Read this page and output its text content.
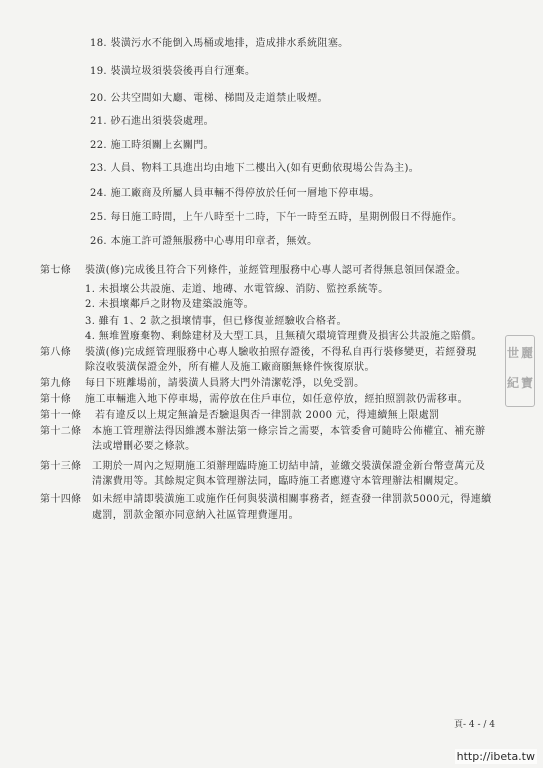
18. 裝潢污水不能倒入馬桶或地排，造成排水系統阻塞。
19. 裝潢垃圾須裝袋後再自行運棄。
20. 公共空間如大廳、電梯、梯間及走道禁止吸煙。
21. 砂石進出須裝袋處理。
22. 施工時須關上玄關門。
23. 人員、物料工具進出均由地下二樓出入(如有更動依現場公告為主)。
24. 施工廠商及所屬人員車輛不得停放於任何一層地下停車場。
25. 每日施工時間，上午八時至十二時，下午一時至五時，星期例假日不得施作。
26. 本施工許可證無服務中心專用印章者，無效。
第七條 裝潢(修)完成後且符合下列條件，並經管理服務中心專人認可者得無息領回保證金。
1. 未損壞公共設施、走道、地磚、水電管線、消防、監控系統等。
2. 未損壞鄰戶之財物及建築設施等。
3. 雖有 1、2 款之損壞情事，但已修復並經驗收合格者。
4. 無堆置廢棄物、剩餘建材及大型工具，且無積欠環境管理費及損害公共設施之賠償。
第八條 裝潢(修)完成經管理服務中心專人驗收拍照存證後，不得私自再行裝修變更，若經發現
除沒收裝潢保證金外，所有權人及施工廠商願無條件恢復原狀。
第九條 每日下班離場前，請裝潢人員將大門外清潔乾淨，以免受罰。
第十條 施工車輛進入地下停車場，需停放在住戶車位，如任意停放，經拍照罰款仍需移車。
第十一條 若有違反以上規定無論是否驗退與否一律罰款 2000 元，得連續無上限處罰
第十二條 本施工管理辦法得因維護本辦法第一條宗旨之需要，本管委會可隨時公佈權宜、補充辦
法或增刪必要之條款。
第十三條 工期於一周內之短期施工須辦理臨時施工切結申請，並繳交裝潢保證金新台幣壹萬元及
清潔費用等。其餘規定與本管理辦法同，臨時施工者應遵守本管理辦法相關規定。
第十四條 如未經申請即裝潢施工或施作任何與裝潢相關事務者，經查發一律罰款5000元，得連續
處罰，罰款金額亦同意納入社區管理費運用。
世
紀
麗
寶
頁- 4 - / 4
http://ibeta.tw
